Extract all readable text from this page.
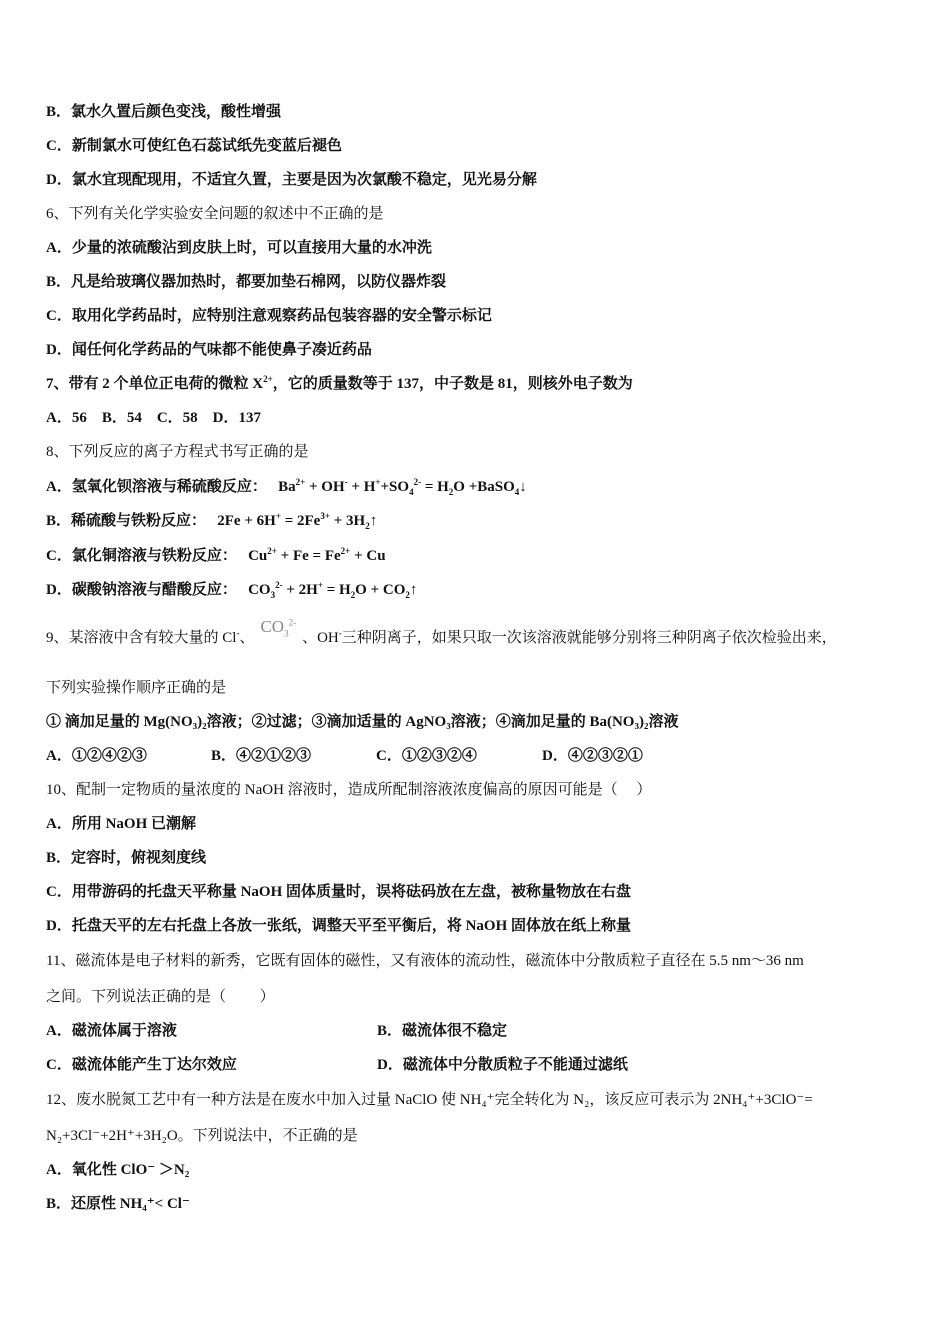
B．氯水久置后颜色变浅，酸性增强
C．新制氯水可使红色石蕊试纸先变蓝后褪色
D．氯水宜现配现用，不适宜久置，主要是因为次氯酸不稳定，见光易分解
6、下列有关化学实验安全问题的叙述中不正确的是
A．少量的浓硫酸沾到皮肤上时，可以直接用大量的水冲洗
B．凡是给玻璃仪器加热时，都要加垫石棉网，以防仪器炸裂
C．取用化学药品时，应特别注意观察药品包装容器的安全警示标记
D．闻任何化学药品的气味都不能使鼻子凑近药品
7、带有 2 个单位正电荷的微粒 $X^{2+}$，它的质量数等于 137，中子数是 81，则核外电子数为
A．56　B．54　C．58　D．137
8、下列反应的离子方程式书写正确的是
A．氢氧化钡溶液与稀硫酸反应：   $Ba^{2+} + OH^- + H^++SO_4^{2-} = H_2O$ +BaSO$_4$↓
B．稀硫酸与铁粉反应：   $2Fe + 6H^+ = 2Fe^{3+}$ + $3H_2↑$
C．氯化铜溶液与铁粉反应：   $Cu^{2+} + Fe = Fe^{2+} + Cu$
D．碳酸钠溶液与醋酸反应：   $CO_3^{2-} + 2H^+ = H_2O$ + $CO_2↑$
9、某溶液中含有较大量的 Cl-、$CO_3^{2-}$、OH-三种阴离子，如果只取一次该溶液就能够分别将三种阴离子依次检验出来，
下列实验操作顺序正确的是
① 滴加足量的 Mg(NO₃)₂溶液；②过滤；③滴加适量的 AgNO₃溶液；④滴加足量的 Ba(NO₃)₂溶液
A．①②④②③	B．④②①②③	C．①②③②④	D．④②③②①
10、配制一定物质的量浓度的 NaOH 溶液时，造成所配制溶液浓度偏高的原因可能是（　 ）
A．所用 NaOH 已潮解
B．定容时，俯视刻度线
C．用带游码的托盘天平称量 NaOH 固体质量时，误将砝码放在左盘，被称量物放在右盘
D．托盘天平的左右托盘上各放一张纸，调整天平至平衡后，将 NaOH 固体放在纸上称量
11、磁流体是电子材料的新秀，它既有固体的磁性，又有液体的流动性，磁流体中分散质粒子直径在 5.5 nm～36 nm
之间。下列说法正确的是（　　 ）
A．磁流体属于溶液	B．磁流体很不稳定
C．磁流体能产生丁达尔效应	D．磁流体中分散质粒子不能通过滤纸
12、废水脱氮工艺中有一种方法是在废水中加入过量 NaClO 使 NH₄⁺完全转化为 N₂，该反应可表示为 2NH₄⁺+3ClO⁻=
N₂+3Cl⁻+2H⁺+3H₂O。下列说法中，不正确的是
A．氧化性 ClO⁻ ＞N₂
B．还原性 NH₄⁺< Cl⁻
